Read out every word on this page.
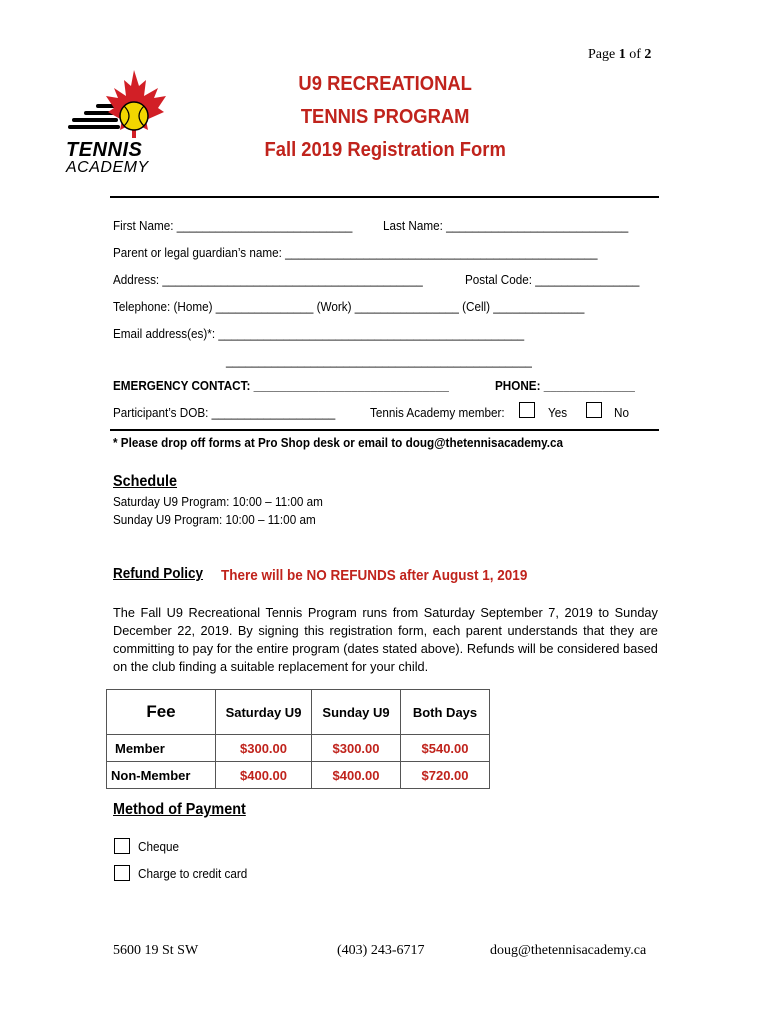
Page 1 of 2
TENNIS
ACADEMY
U9 RECREATIONAL
TENNIS PROGRAM
Fall 2019 Registration Form
First Name: ___________________________ Last Name: ____________________________
Parent or legal guardian’s name: ________________________________________________
Address: ________________________________________	Postal Code: ________________
Telephone: (Home) _______________ (Work) ________________ (Cell) ______________
Email address(es)*: _______________________________________________
_______________________________________________
EMERGENCY CONTACT: ______________________________	PHONE: ______________
Participant’s DOB: ___________________	Tennis Academy member:	Yes	No
* Please drop off forms at Pro Shop desk or email to doug@thetennisacademy.ca
Schedule
Saturday U9 Program: 10:00 – 11:00 am
Sunday U9 Program: 10:00 – 11:00 am
Refund Policy There will be NO REFUNDS after August 1, 2019
The Fall U9 Recreational Tennis Program runs from Saturday September 7, 2019 to Sunday December 22, 2019. By signing this registration form, each parent understands that they are committing to pay for the entire program (dates stated above). Refunds will be considered based on the club finding a suitable replacement for your child.
Fee	Saturday U9	Sunday U9	Both Days
Member	$300.00	$300.00	$540.00
Non-Member	$400.00	$400.00	$720.00
Method of Payment
Cheque
Charge to credit card
5600 19 St SW	(403) 243-6717	doug@thetennisacademy.ca
